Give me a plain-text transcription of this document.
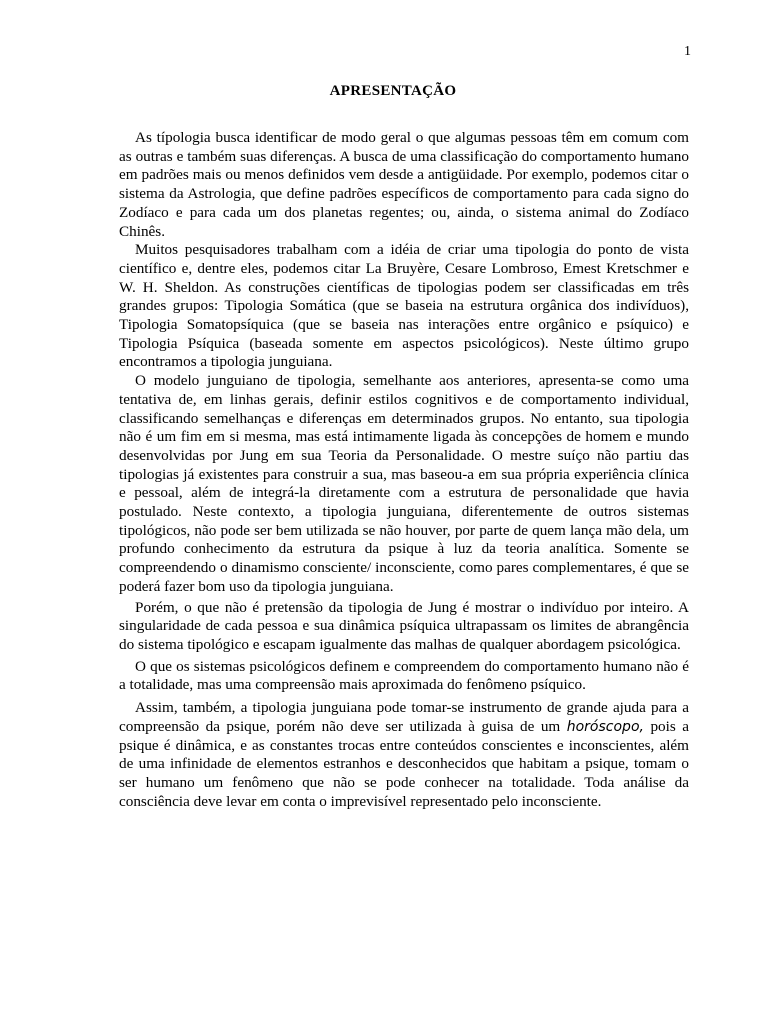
1
APRESENTAÇÃO

As típologia busca identificar de modo geral o que algumas pessoas têm em comum com as outras e também suas diferenças. A busca de uma classificação do comportamento humano em padrões mais ou menos definidos vem desde a antigüidade. Por exemplo, podemos citar o sistema da Astrologia, que define padrões específicos de comportamento para cada signo do Zodíaco e para cada um dos planetas regentes; ou, ainda, o sistema animal do Zodíaco Chinês.

Muitos pesquisadores trabalham com a idéia de criar uma tipologia do ponto de vista científico e, dentre eles, podemos citar La Bruyère, Cesare Lombroso, Emest Kretschmer e W. H. Sheldon. As construções científicas de tipologias podem ser classificadas em três grandes grupos: Tipologia Somática (que se baseia na estrutura orgânica dos indivíduos), Tipologia Somatopsíquica (que se baseia nas interações entre orgânico e psíquico) e Tipologia Psíquica (baseada somente em aspectos psicológicos). Neste último grupo encontramos a tipologia junguiana.

O modelo junguiano de tipologia, semelhante aos anteriores, apresenta-se como uma tentativa de, em linhas gerais, definir estilos cognitivos e de comportamento individual, classificando semelhanças e diferenças em determinados grupos. No entanto, sua tipologia não é um fim em si mesma, mas está intimamente ligada às concepções de homem e mundo desenvolvidas por Jung em sua Teoria da Personalidade. O mestre suíço não partiu das tipologias já existentes para construir a sua, mas baseou-a em sua própria experiência clínica e pessoal, além de integrá-la diretamente com a estrutura de personalidade que havia postulado. Neste contexto, a tipologia junguiana, diferentemente de outros sistemas tipológicos, não pode ser bem utilizada se não houver, por parte de quem lança mão dela, um profundo conhecimento da estrutura da psique à luz da teoria analítica. Somente se compreendendo o dinamismo consciente/ inconsciente, como pares complementares, é que se poderá fazer bom uso da tipologia junguiana.

Porém, o que não é pretensão da tipologia de Jung é mostrar o indivíduo por inteiro. A singularidade de cada pessoa e sua dinâmica psíquica ultrapassam os limites de abrangência do sistema tipológico e escapam igualmente das malhas de qualquer abordagem psicológica.

O que os sistemas psicológicos definem e compreendem do comportamento humano não é a totalidade, mas uma compreensão mais aproximada do fenômeno psíquico.

Assim, também, a tipologia junguiana pode tomar-se instrumento de grande ajuda para a compreensão da psique, porém não deve ser utilizada à guisa de um horóscopo, pois a psique é dinâmica, e as constantes trocas entre conteúdos conscientes e inconscientes, além de uma infinidade de elementos estranhos e desconhecidos que habitam a psique, tomam o ser humano um fenômeno que não se pode conhecer na totalidade. Toda análise da consciência deve levar em conta o imprevisível representado pelo inconsciente.
